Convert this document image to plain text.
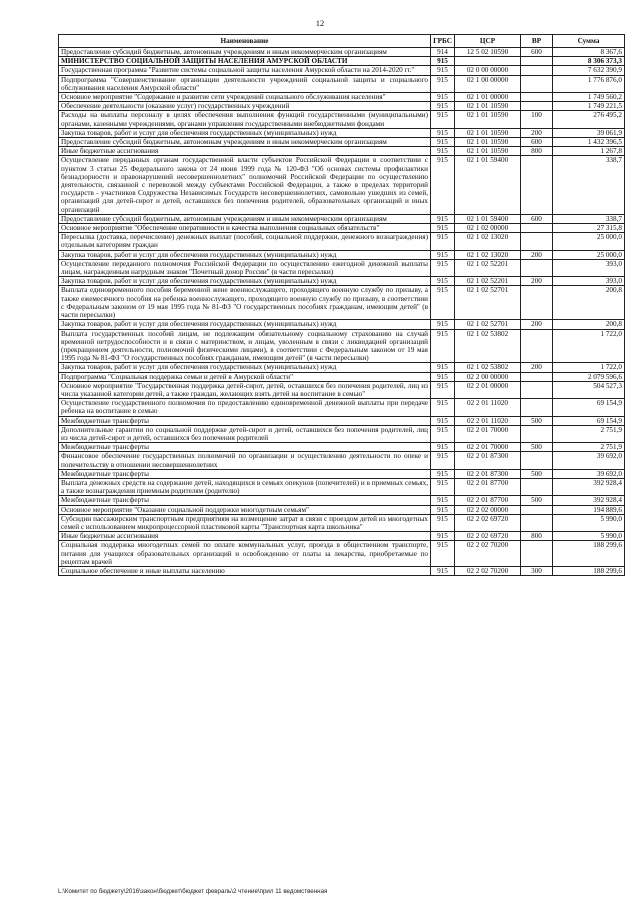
12
Наименование	ГРБС	ЦСР	ВР	Сумма
Предоставление субсидий бюджетным, автономным учреждениям и иным некоммерческим организациям	914	12 5 02 10590	600	8 367,6
МИНИСТЕРСТВО СОЦИАЛЬНОЙ ЗАЩИТЫ НАСЕЛЕНИЯ АМУРСКОЙ ОБЛАСТИ	915			8 306 373,3
Государственная программа "Развитие системы социальной защиты населения Амурской области на 2014-2020 гг."	915	02 0 00 00000		7 632 390,9
Подпрограмма "Совершенствование организации деятельности учреждений социальной защиты и социального обслуживания населения Амурской области"	915	02 1 00 00000		1 776 876,0
Основное мероприятие "Содержание и развитие сети учреждений социального обслуживания населения"	915	02 1 01 00000		1 749 560,2
Обеспечение деятельности (оказание услуг) государственных учреждений	915	02 1 01 10590		1 749 221,5
Расходы на выплаты персоналу в целях обеспечения выполнения функций государственными (муниципальными) органами, казенными учреждениями, органами управления государственными внебюджетными фондами	915	02 1 01 10590	100	276 495,2
Закупка товаров, работ и услуг для обеспечения государственных (муниципальных) нужд	915	02 1 01 10590	200	39 061,9
Предоставление субсидий бюджетным, автономным учреждениям и иным некоммерческим организациям	915	02 1 01 10590	600	1 432 396,5
Иные бюджетные ассигнования	915	02 1 01 10590	800	1 267,8
Осуществление переданных органам государственной власти субъектов Российской Федерации в соответствии с пунктом 3 статьи 25 Федерального закона от 24 июня 1999 года № 120-ФЗ "Об основах системы профилактики безнадзорности и правонарушений несовершеннолетних" полномочий Российской Федерации по осуществлению деятельности, связанной с перевозкой между субъектами Российской Федерации, а также в пределах территорий государств - участников Содружества Независимых Государств несовершеннолетних, самовольно ушедших из семей, организаций для детей-сирот и детей, оставшихся без попечения родителей, образовательных организаций и иных организаций	915	02 1 01 59400		338,7
Предоставление субсидий бюджетным, автономным учреждениям и иным некоммерческим организациям	915	02 1 01 59400	600	338,7
Основное мероприятие "Обеспечение оперативности и качества выполнения социальных обязательств"	915	02 1 02 00000		27 315,8
Пересылка (доставка, перечисление) денежных выплат (пособий, социальной поддержки, денежного вознаграждения) отдельным категориям граждан	915	02 1 02 13020		25 000,0
Закупка товаров, работ и услуг для обеспечения государственных (муниципальных) нужд	915	02 1 02 13020	200	25 000,0
Осуществление переданного полномочия Российской Федерации по осуществлению ежегодной денежной выплаты лицам, награжденным нагрудным знаком "Почетный донор России" (в части пересылки)	915	02 1 02 52201		393,0
Закупка товаров, работ и услуг для обеспечения государственных (муниципальных) нужд	915	02 1 02 52201	200	393,0
Выплата единовременного пособия беременной жене военнослужащего, проходящего военную службу по призыву, а также ежемесячного пособия на ребенка военнослужащего, проходящего военную службу по призыву, в соответствии с Федеральным законом от 19 мая 1995 года № 81-ФЗ "О государственных пособиях гражданам, имеющим детей" (в части пересылки)	915	02 1 02 52701		200,8
Закупка товаров, работ и услуг для обеспечения государственных (муниципальных) нужд	915	02 1 02 52701	200	200,8
Выплата государственных пособий лицам, не подлежащим обязательному социальному страхованию на случай временной нетрудоспособности и в связи с материнством, и лицам, уволенным в связи с ликвидацией организаций (прекращением деятельности, полномочий физическими лицами), в соответствии с Федеральным законом от 19 мая 1995 года № 81-ФЗ "О государственных пособиях гражданам, имеющим детей" (в части пересылки)	915	02 1 02 53802		1 722,0
Закупка товаров, работ и услуг для обеспечения государственных (муниципальных) нужд	915	02 1 02 53802	200	1 722,0
Подпрограмма "Социальная поддержка семьи и детей в Амурской области"	915	02 2 00 00000		2 079 596,6
Основное мероприятие "Государственная поддержка детей-сирот, детей, оставшихся без попечения родителей, лиц из числа указанной категории детей, а также граждан, желающих взять детей на воспитание в семью"	915	02 2 01 00000		504 527,3
Осуществление государственного полномочия по предоставлению единовременной денежной выплаты при передаче ребенка на воспитание в семью	915	02 2 01 11020		69 154,9
Межбюджетные трансферты	915	02 2 01 11020	500	69 154,9
Дополнительные гарантии по социальной поддержке детей-сирот и детей, оставшихся без попечения родителей, лиц из числа детей-сирот и детей, оставшихся без попечения родителей	915	02 2 01 70000		2 751,9
Межбюджетные трансферты	915	02 2 01 70000	500	2 751,9
Финансовое обеспечение государственных полномочий по организации и осуществлению деятельности по опеке и попечительству в отношении несовершеннолетних	915	02 2 01 87300		39 692,0
Межбюджетные трансферты	915	02 2 01 87300	500	39 692,0
Выплата денежных средств на содержание детей, находящихся в семьях опекунов (попечителей) и в приемных семьях, а также вознаграждения приемным родителям (родителю)	915	02 2 01 87700		392 928,4
Межбюджетные трансферты	915	02 2 01 87700	500	392 928,4
Основное мероприятие "Оказание социальной поддержки многодетным семьям"	915	02 2 02 00000		194 889,6
Субсидии пассажирским транспортным предприятиям на возмещение затрат в связи с проездом детей из многодетных семей с использованием микропроцессорной пластиковой карты "Транспортная карта школьника"	915	02 2 02 69720		5 990,0
Иные бюджетные ассигнования	915	02 2 02 69720	800	5 990,0
Социальная поддержка многодетных семей по оплате коммунальных услуг, проезда в общественном транспорте, питания для учащихся образовательных организаций и освобождению от платы за лекарства, приобретаемые по рецептам врачей	915	02 2 02 70200		188 299,6
Социальное обеспечение и иные выплаты населению	915	02 2 02 70200	300	188 299,6
L:\Комитет по бюджету\2016\закон\бюджет\бюджет февраль\2 чтение\прил 11 ведомственная
